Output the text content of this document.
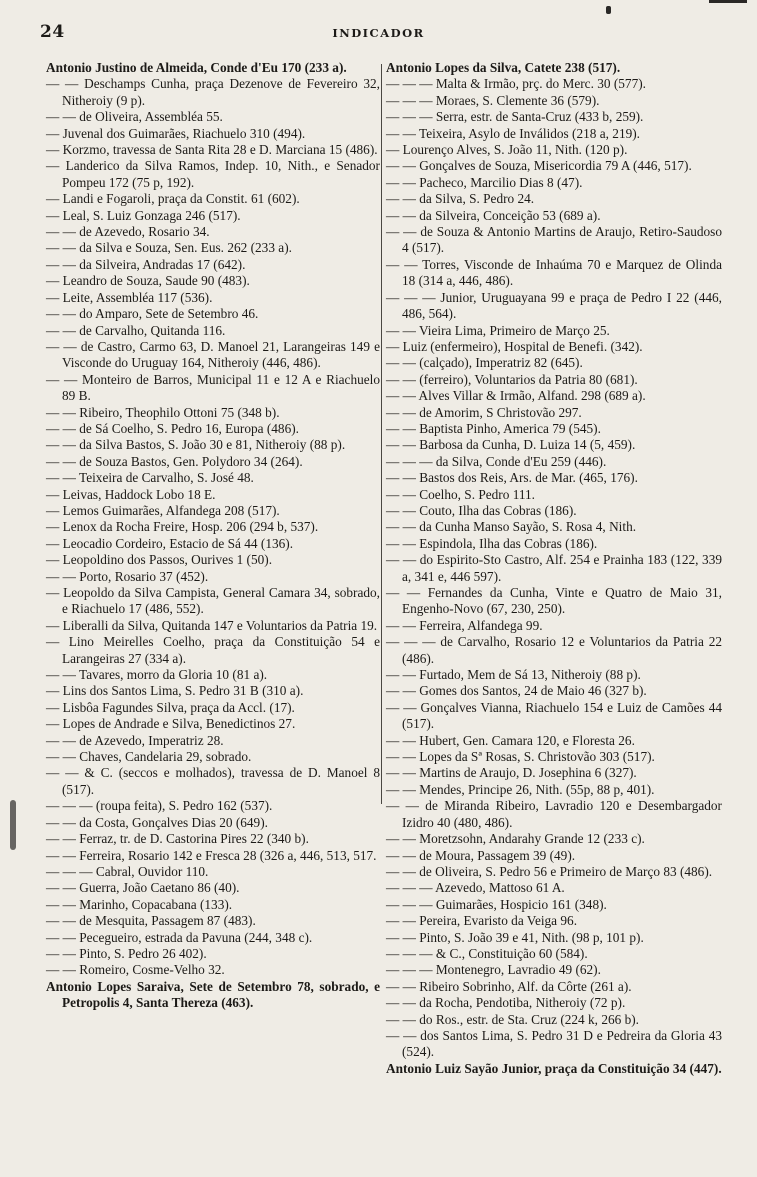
24	INDICADOR

Antonio Justino de Almeida, Conde d'Eu 170 (233 a).

— — Deschamps Cunha, praça Dezenove de Fevereiro 32, Nitheroiy (9 p).

— — de Oliveira, Assembléa 55.

— Juvenal dos Guimarães, Riachuelo 310 (494).

— Korzmo, travessa de Santa Rita 28 e D. Marciana 15 (486).

— Landerico da Silva Ramos, Indep. 10, Nith., e Senador Pompeu 172 (75 p, 192).

— Landi e Fogaroli, praça da Constit. 61 (602).

— Leal, S. Luiz Gonzaga 246 (517).

— — de Azevedo, Rosario 34.

— — da Silva e Souza, Sen. Eus. 262 (233 a).

— — da Silveira, Andradas 17 (642).

— Leandro de Souza, Saude 90 (483).

— Leite, Assembléa 117 (536).

— — do Amparo, Sete de Setembro 46.

— — de Carvalho, Quitanda 116.

— — de Castro, Carmo 63, D. Manoel 21, Larangeiras 149 e Visconde do Uruguay 164, Nitheroiy (446, 486).

— — Monteiro de Barros, Municipal 11 e 12 A e Riachuelo 89 B.

— — Ribeiro, Theophilo Ottoni 75 (348 b).

— — de Sá Coelho, S. Pedro 16, Europa (486).

— — da Silva Bastos, S. João 30 e 81, Nitheroiy (88 p).

— — de Souza Bastos, Gen. Polydoro 34 (264).

— — Teixeira de Carvalho, S. José 48.

— Leivas, Haddock Lobo 18 E.

— Lemos Guimarães, Alfandega 208 (517).

— Lenox da Rocha Freire, Hosp. 206 (294 b, 537).

— Leocadio Cordeiro, Estacio de Sá 44 (136).

— Leopoldino dos Passos, Ourives 1 (50).

— — Porto, Rosario 37 (452).

— Leopoldo da Silva Campista, General Camara 34, sobrado, e Riachuelo 17 (486, 552).

— Liberalli da Silva, Quitanda 147 e Voluntarios da Patria 19.

— Lino Meirelles Coelho, praça da Constituição 54 e Larangeiras 27 (334 a).

— — Tavares, morro da Gloria 10 (81 a).

— Lins dos Santos Lima, S. Pedro 31 B (310 a).

— Lisbôa Fagundes Silva, praça da Accl. (17).

— Lopes de Andrade e Silva, Benedictinos 27.

— — de Azevedo, Imperatriz 28.

— — Chaves, Candelaria 29, sobrado.

— — & C. (seccos e molhados), travessa de D. Manoel 8 (517).

— — — (roupa feita), S. Pedro 162 (537).

— — da Costa, Gonçalves Dias 20 (649).

— — Ferraz, tr. de D. Castorina Pires 22 (340 b).

— — Ferreira, Rosario 142 e Fresca 28 (326 a, 446, 513, 517.

— — — Cabral, Ouvidor 110.

— — Guerra, João Caetano 86 (40).

— — Marinho, Copacabana (133).

— — de Mesquita, Passagem 87 (483).

— — Pecegueiro, estrada da Pavuna (244, 348 c).

— — Pinto, S. Pedro 26 402).

— — Romeiro, Cosme-Velho 32.

Antonio Lopes Saraiva, Sete de Setembro 78, sobrado, e Petropolis 4, Santa Thereza (463).

Antonio Lopes da Silva, Catete 238 (517).

— — — Malta & Irmão, prç. do Merc. 30 (577).

— — — Moraes, S. Clemente 36 (579).

— — — Serra, estr. de Santa-Cruz (433 b, 259).

— — Teixeira, Asylo de Inválidos (218 a, 219).

— Lourenço Alves, S. João 11, Nith. (120 p).

— — Gonçalves de Souza, Misericordia 79 A (446, 517).

— — Pacheco, Marcilio Dias 8 (47).

— — da Silva, S. Pedro 24.

— — da Silveira, Conceição 53 (689 a).

— — de Souza & Antonio Martins de Araujo, Retiro-Saudoso 4 (517).

— — Torres, Visconde de Inhaúma 70 e Marquez de Olinda 18 (314 a, 446, 486).

— — — Junior, Uruguayana 99 e praça de Pedro I 22 (446, 486, 564).

— — Vieira Lima, Primeiro de Março 25.

— Luiz (enfermeiro), Hospital de Benefi. (342).

— — (calçado), Imperatriz 82 (645).

— — (ferreiro), Voluntarios da Patria 80 (681).

— — Alves Villar & Irmão, Alfand. 298 (689 a).

— — de Amorim, S Christovão 297.

— — Baptista Pinho, America 79 (545).

— — Barbosa da Cunha, D. Luiza 14 (5, 459).

— — — da Silva, Conde d'Eu 259 (446).

— — Bastos dos Reis, Ars. de Mar. (465, 176).

— — Coelho, S. Pedro 111.

— — Couto, Ilha das Cobras (186).

— — da Cunha Manso Sayão, S. Rosa 4, Nith.

— — Espindola, Ilha das Cobras (186).

— — do Espirito-Sto Castro, Alf. 254 e Prainha 183 (122, 339 a, 341 e, 446 597).

— — Fernandes da Cunha, Vinte e Quatro de Maio 31, Engenho-Novo (67, 230, 250).

— — Ferreira, Alfandega 99.

— — — de Carvalho, Rosario 12 e Voluntarios da Patria 22 (486).

— — Furtado, Mem de Sá 13, Nitheroiy (88 p).

— — Gomes dos Santos, 24 de Maio 46 (327 b).

— — Gonçalves Vianna, Riachuelo 154 e Luiz de Camões 44 (517).

— — Hubert, Gen. Camara 120, e Floresta 26.

— — Lopes da Sª Rosas, S. Christovão 303 (517).

— — Martins de Araujo, D. Josephina 6 (327).

— — Mendes, Principe 26, Nith. (55p, 88 p, 401).

— — de Miranda Ribeiro, Lavradio 120 e Desembargador Izidro 40 (480, 486).

— — Moretzsohn, Andarahy Grande 12 (233 c).

— — de Moura, Passagem 39 (49).

— — de Oliveira, S. Pedro 56 e Primeiro de Março 83 (486).

— — — Azevedo, Mattoso 61 A.

— — — Guimarães, Hospicio 161 (348).

— — Pereira, Evaristo da Veiga 96.

— — Pinto, S. João 39 e 41, Nith. (98 p, 101 p).

— — — & C., Constituição 60 (584).

— — — Montenegro, Lavradio 49 (62).

— — Ribeiro Sobrinho, Alf. da Côrte (261 a).

— — da Rocha, Pendotiba, Nitheroiy (72 p).

— — do Ros., estr. de Sta. Cruz (224 k, 266 b).

— — dos Santos Lima, S. Pedro 31 D e Pedreira da Gloria 43 (524).

Antonio Luiz Sayão Junior, praça da Constituição 34 (447).
